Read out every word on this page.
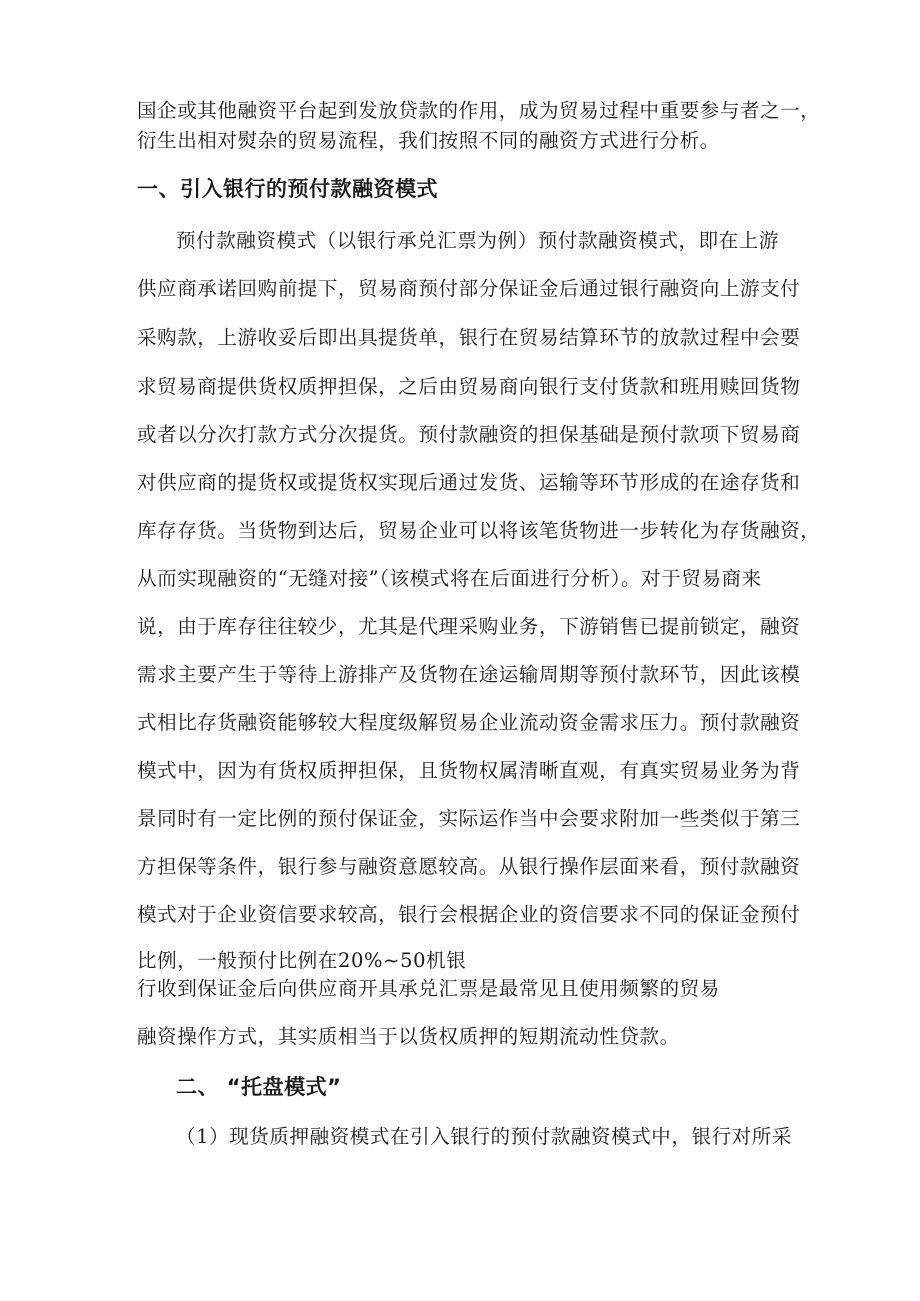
国企或其他融资平台起到发放贷款的作用，成为贸易过程中重要参与者之一，
衍生出相对熨杂的贸易流程，我们按照不同的融资方式进行分析。
一、引入银行的预付款融资模式
预付款融资模式（以银行承兑汇票为例）预付款融资模式，即在上游
供应商承诺回购前提下，贸易商预付部分保证金后通过银行融资向上游支付
采购款，上游收妥后即出具提货单，银行在贸易结算环节的放款过程中会要
求贸易商提供货权质押担保，之后由贸易商向银行支付货款和班用赎回货物
或者以分次打款方式分次提货。预付款融资的担保基础是预付款项下贸易商
对供应商的提货权或提货权实现后通过发货、运输等环节形成的在途存货和
库存存货。当货物到达后，贸易企业可以将该笔货物进一步转化为存货融资，
从而实现融资的“无缝对接”（该模式将在后面进行分析）。对于贸易商来
说，由于库存往往较少，尤其是代理采购业务，下游销售已提前锁定，融资
需求主要产生于等待上游排产及货物在途运输周期等预付款环节，因此该模
式相比存货融资能够较大程度级解贸易企业流动资金需求压力。预付款融资
模式中，因为有货权质押担保，且货物权属清晰直观，有真实贸易业务为背
景同时有一定比例的预付保证金，实际运作当中会要求附加一些类似于第三
方担保等条件，银行参与融资意愿较高。从银行操作层面来看，预付款融资
模式对于企业资信要求较高，银行会根据企业的资信要求不同的保证金预付
比例，一般预付比例在20%~50机银
行收到保证金后向供应商开具承兑汇票是最常见且使用频繁的贸易
融资操作方式，其实质相当于以货权质押的短期流动性贷款。
二、 “托盘模式”
（1）现货质押融资模式在引入银行的预付款融资模式中，银行对所采
